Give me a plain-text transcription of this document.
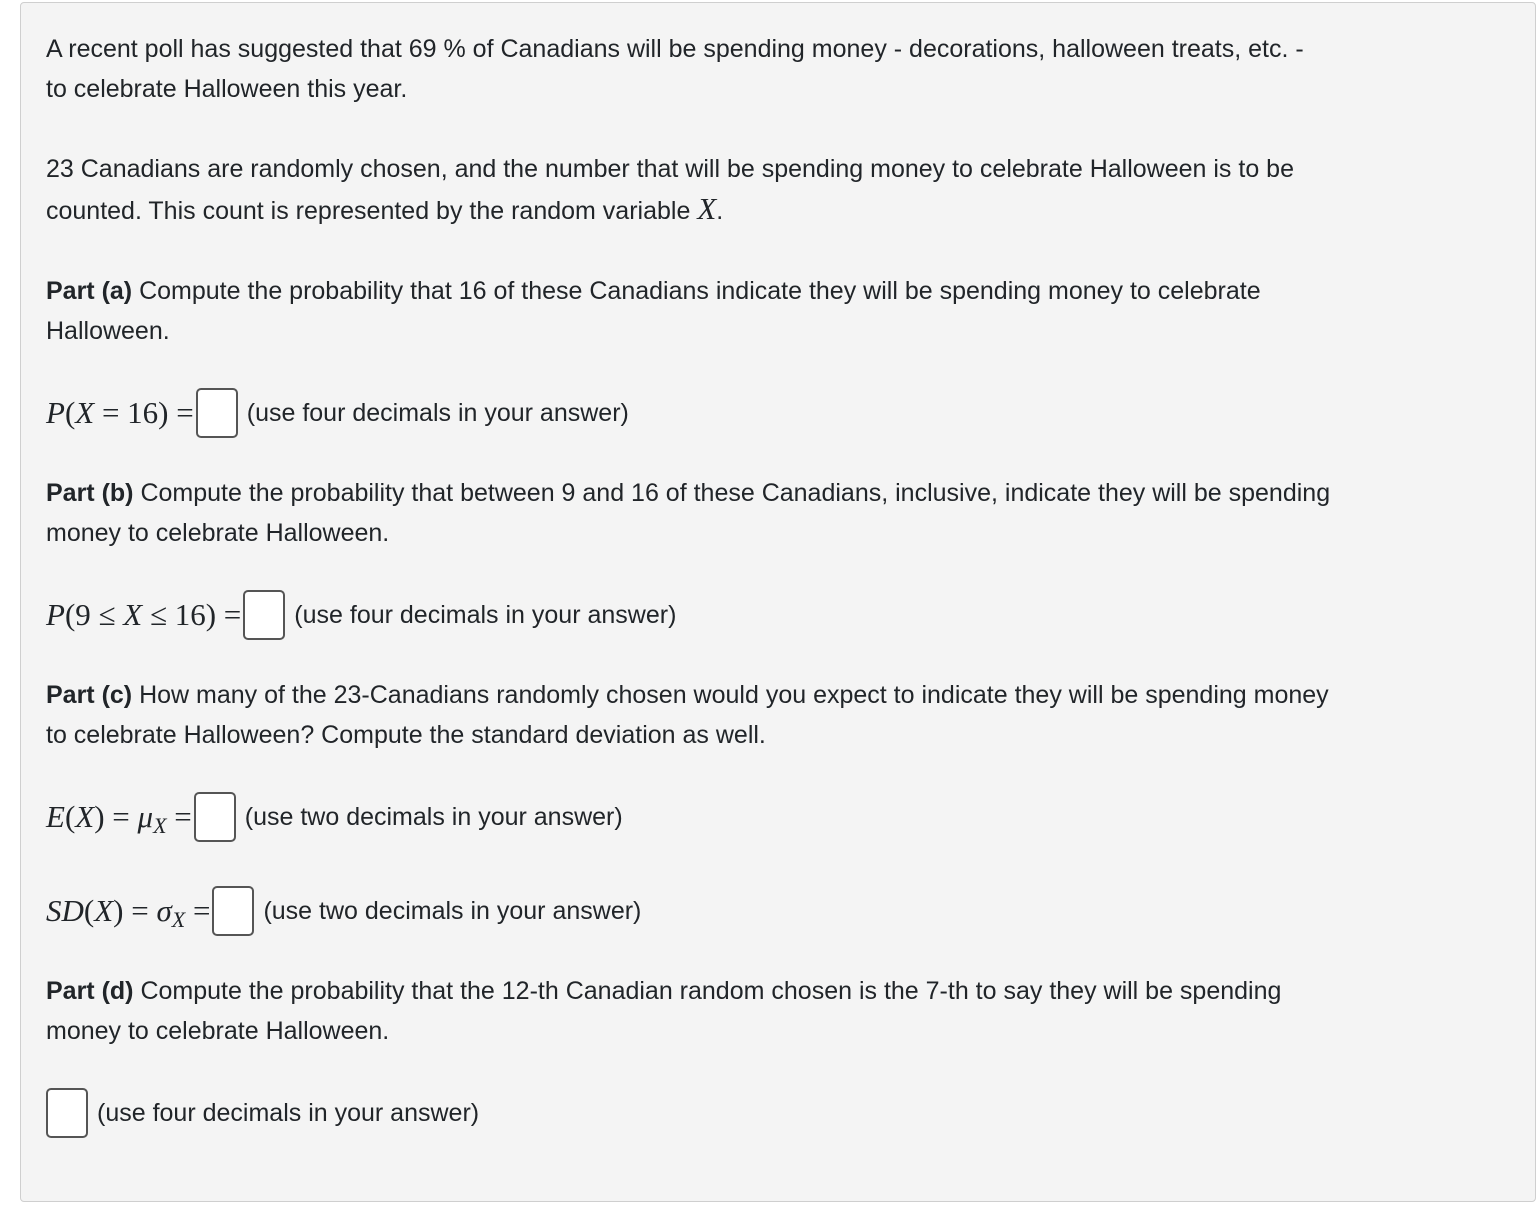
A recent poll has suggested that 69 % of Canadians will be spending money - decorations, halloween treats, etc. -

to celebrate Halloween this year.

23 Canadians are randomly chosen, and the number that will be spending money to celebrate Halloween is to be

counted. This count is represented by the random variable X.

Part (a) Compute the probability that 16 of these Canadians indicate they will be spending money to celebrate

Halloween.

P(X = 16) = (use four decimals in your answer)

Part (b) Compute the probability that between 9 and 16 of these Canadians, inclusive, indicate they will be spending

money to celebrate Halloween.

P(9 ≤ X ≤ 16) = (use four decimals in your answer)

Part (c) How many of the 23-Canadians randomly chosen would you expect to indicate they will be spending money

to celebrate Halloween? Compute the standard deviation as well.

E(X) = μX = (use two decimals in your answer)
SD(X) = σX = (use two decimals in your answer)

Part (d) Compute the probability that the 12-th Canadian random chosen is the 7-th to say they will be spending

money to celebrate Halloween.

(use four decimals in your answer)
